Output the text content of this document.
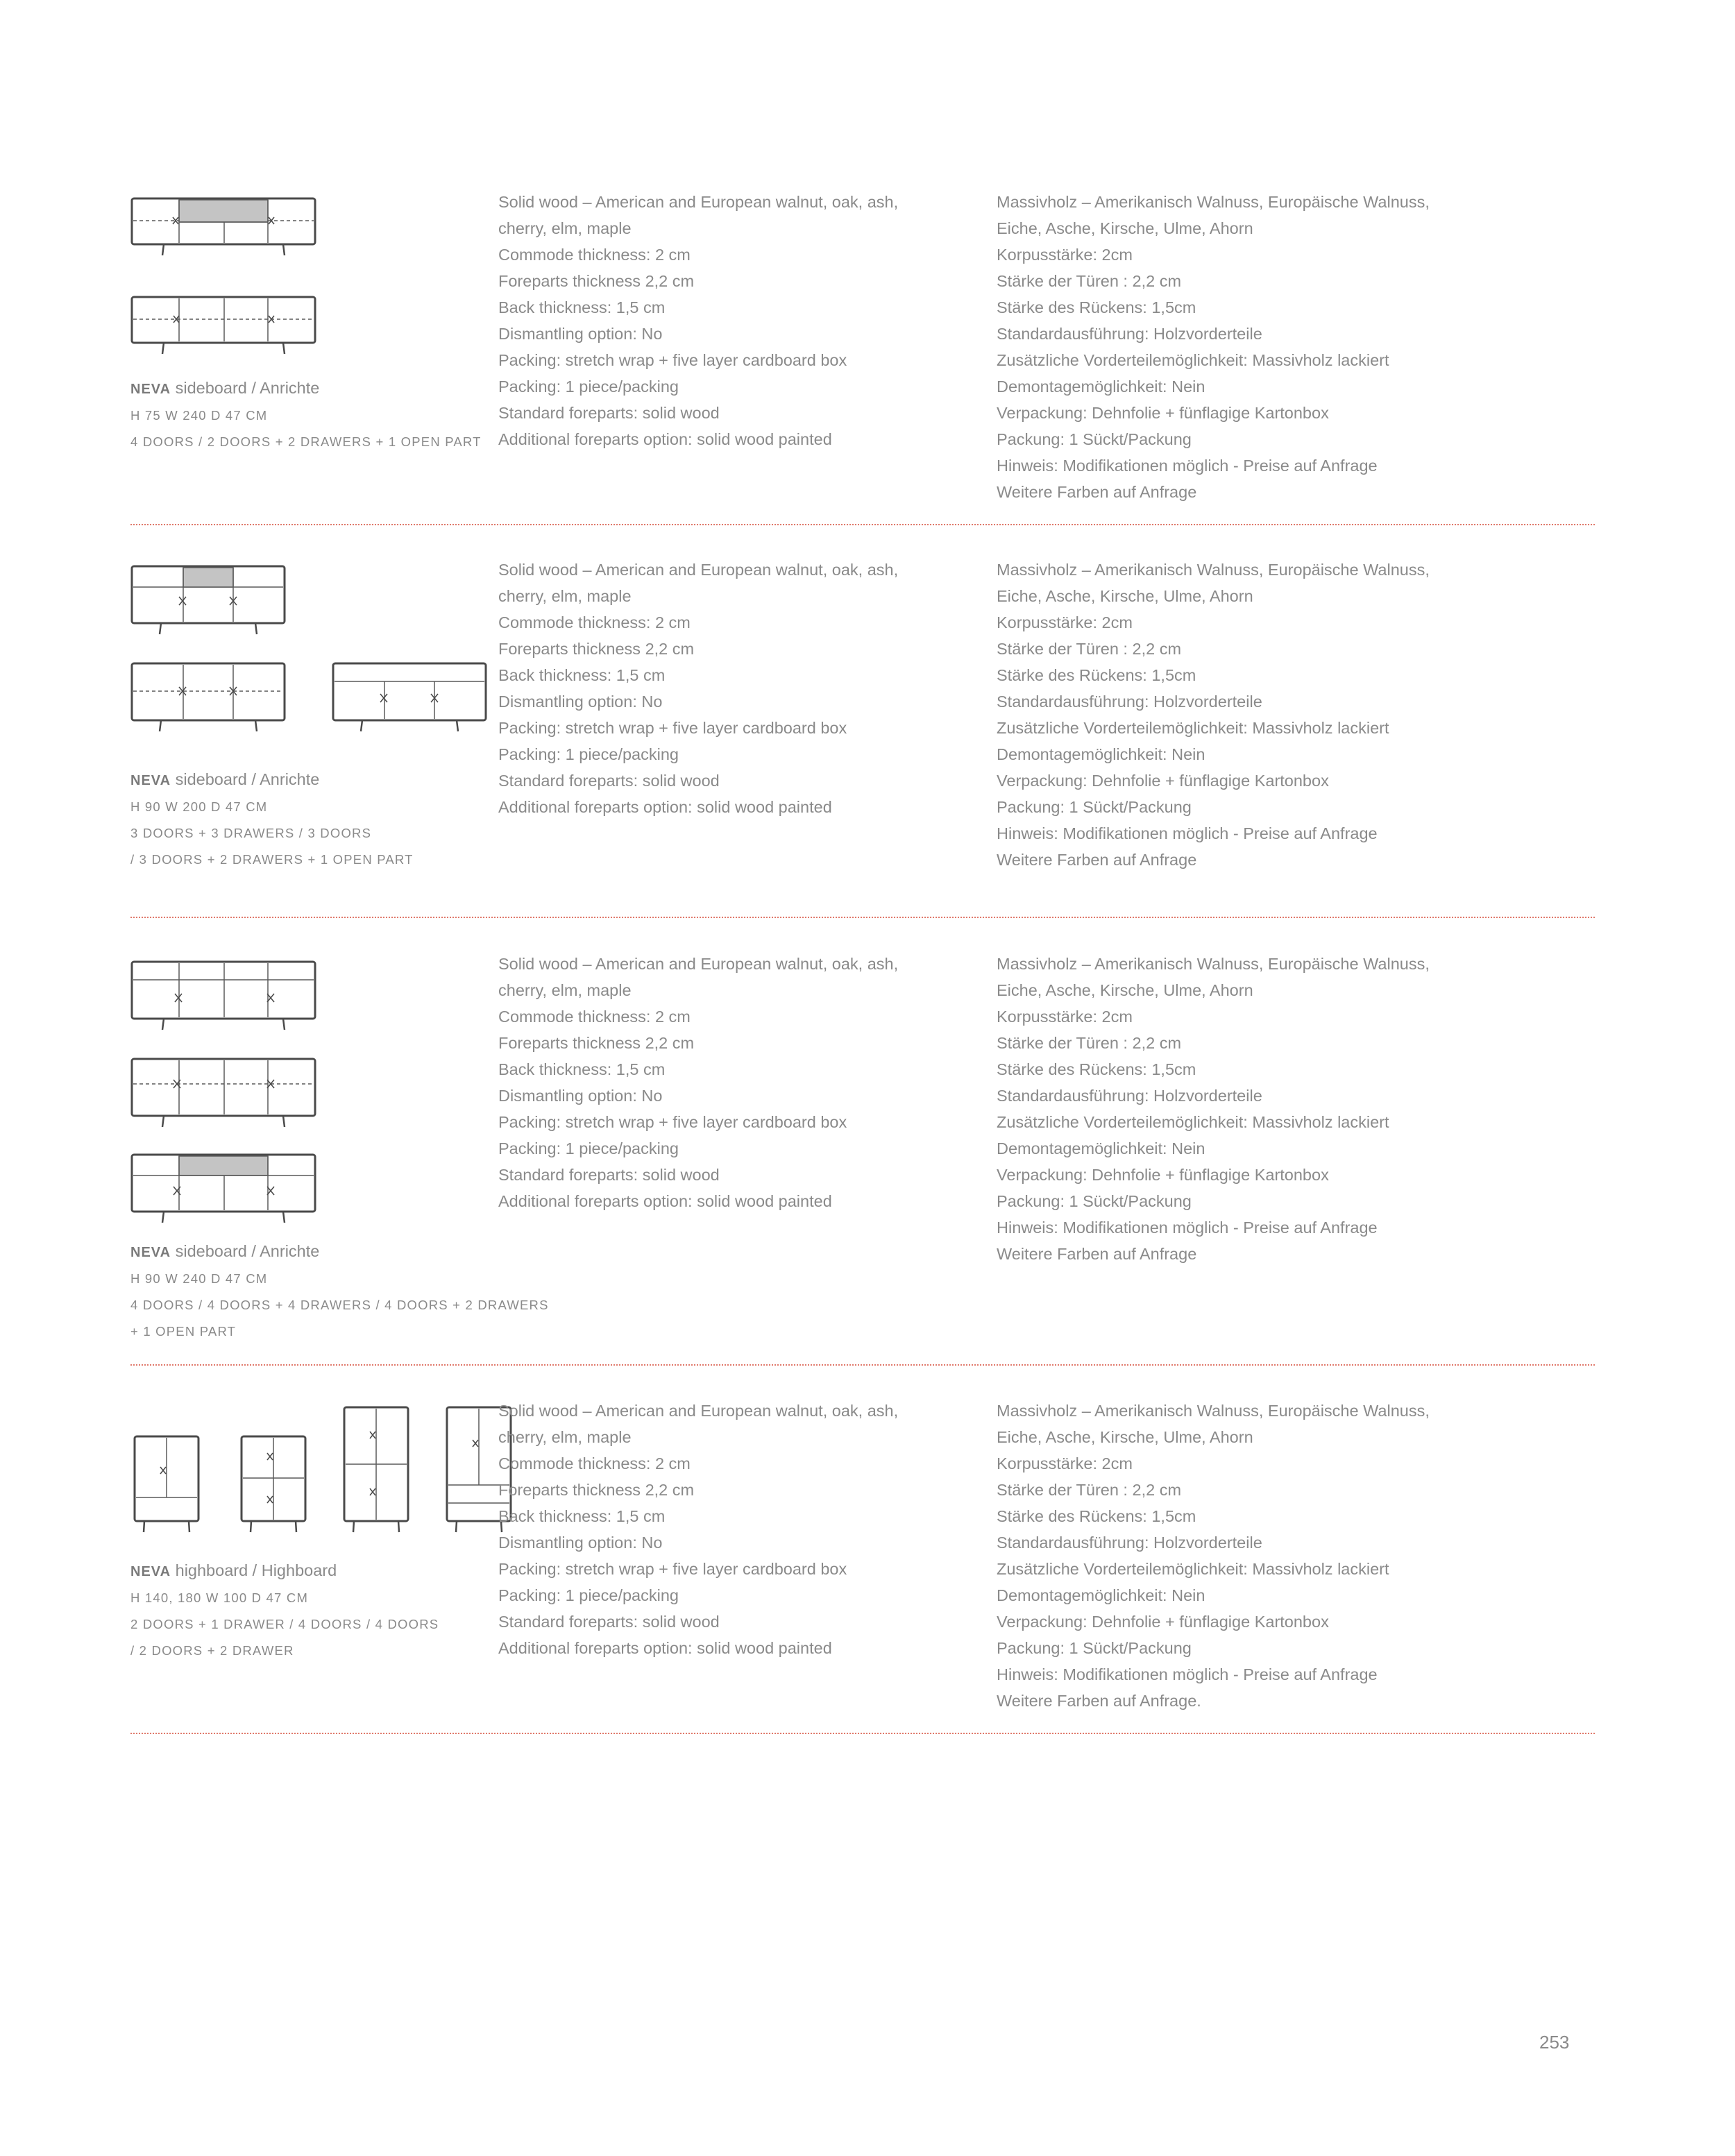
NEVA sideboard / Anrichte
H 75 W 240 D 47 CM
4 DOORS / 2 DOORS + 2 DRAWERS + 1 OPEN PART
Solid wood – American and European walnut, oak, ash,
cherry, elm, maple
Commode thickness: 2 cm
Foreparts thickness 2,2 cm
Back thickness: 1,5 cm
Dismantling option: No
Packing: stretch wrap + five layer cardboard box
Packing: 1 piece/packing
Standard foreparts: solid wood
Additional foreparts option: solid wood painted
Massivholz – Amerikanisch Walnuss, Europäische Walnuss,
Eiche, Asche, Kirsche, Ulme, Ahorn
Korpusstärke: 2cm
Stärke der Türen : 2,2 cm
Stärke des Rückens: 1,5cm
Standardausführung: Holzvorderteile
Zusätzliche Vorderteilemöglichkeit: Massivholz lackiert
Demontagemöglichkeit: Nein
Verpackung: Dehnfolie + fünflagige Kartonbox
Packung: 1 Sückt/Packung
Hinweis: Modifikationen möglich - Preise auf Anfrage
Weitere Farben auf Anfrage
NEVA sideboard / Anrichte
H 90 W 200 D 47 CM
3 DOORS + 3 DRAWERS / 3 DOORS
/ 3 DOORS + 2 DRAWERS + 1 OPEN PART
Solid wood – American and European walnut, oak, ash,
cherry, elm, maple
Commode thickness: 2 cm
Foreparts thickness 2,2 cm
Back thickness: 1,5 cm
Dismantling option: No
Packing: stretch wrap + five layer cardboard box
Packing: 1 piece/packing
Standard foreparts: solid wood
Additional foreparts option: solid wood painted
Massivholz – Amerikanisch Walnuss, Europäische Walnuss,
Eiche, Asche, Kirsche, Ulme, Ahorn
Korpusstärke: 2cm
Stärke der Türen : 2,2 cm
Stärke des Rückens: 1,5cm
Standardausführung: Holzvorderteile
Zusätzliche Vorderteilemöglichkeit: Massivholz lackiert
Demontagemöglichkeit: Nein
Verpackung: Dehnfolie + fünflagige Kartonbox
Packung: 1 Sückt/Packung
Hinweis: Modifikationen möglich - Preise auf Anfrage
Weitere Farben auf Anfrage
NEVA sideboard / Anrichte
H 90 W 240 D 47 CM
4 DOORS / 4 DOORS + 4 DRAWERS / 4 DOORS + 2 DRAWERS
+ 1 OPEN PART
Solid wood – American and European walnut, oak, ash,
cherry, elm, maple
Commode thickness: 2 cm
Foreparts thickness 2,2 cm
Back thickness: 1,5 cm
Dismantling option: No
Packing: stretch wrap + five layer cardboard box
Packing: 1 piece/packing
Standard foreparts: solid wood
Additional foreparts option: solid wood painted
Massivholz – Amerikanisch Walnuss, Europäische Walnuss,
Eiche, Asche, Kirsche, Ulme, Ahorn
Korpusstärke: 2cm
Stärke der Türen : 2,2 cm
Stärke des Rückens: 1,5cm
Standardausführung: Holzvorderteile
Zusätzliche Vorderteilemöglichkeit: Massivholz lackiert
Demontagemöglichkeit: Nein
Verpackung: Dehnfolie + fünflagige Kartonbox
Packung: 1 Sückt/Packung
Hinweis: Modifikationen möglich - Preise auf Anfrage
Weitere Farben auf Anfrage
NEVA highboard / Highboard
H 140, 180 W 100 D 47 CM
2 DOORS + 1 DRAWER / 4 DOORS / 4 DOORS
/ 2 DOORS + 2 DRAWER
Solid wood – American and European walnut, oak, ash,
cherry, elm, maple
Commode thickness: 2 cm
Foreparts thickness 2,2 cm
Back thickness: 1,5 cm
Dismantling option: No
Packing: stretch wrap + five layer cardboard box
Packing: 1 piece/packing
Standard foreparts: solid wood
Additional foreparts option: solid wood painted
Massivholz – Amerikanisch Walnuss, Europäische Walnuss,
Eiche, Asche, Kirsche, Ulme, Ahorn
Korpusstärke: 2cm
Stärke der Türen : 2,2 cm
Stärke des Rückens: 1,5cm
Standardausführung: Holzvorderteile
Zusätzliche Vorderteilemöglichkeit: Massivholz lackiert
Demontagemöglichkeit: Nein
Verpackung: Dehnfolie + fünflagige Kartonbox
Packung: 1 Sückt/Packung
Hinweis: Modifikationen möglich - Preise auf Anfrage
Weitere Farben auf Anfrage.
253
